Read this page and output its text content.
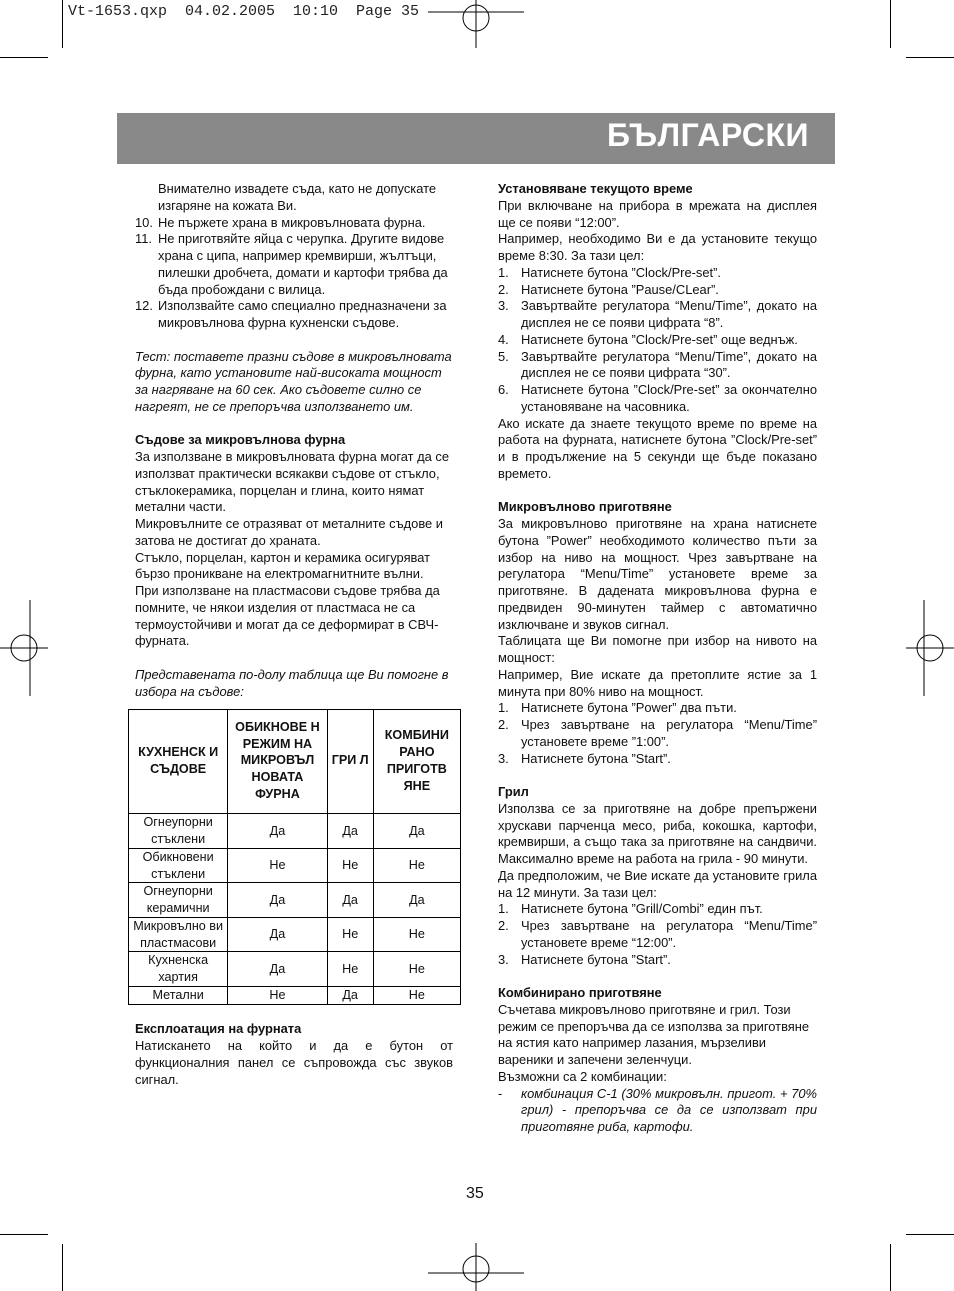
Vt-1653.qxp  04.02.2005  10:10  Page 35
БЪЛГАРСКИ

Внимателно извадете съда, като не допускате
изгаряне на кожата Ви.

10. Не пържете храна в микровълновата фурна.
11. Не приготвяйте яйца с черупка. Другите видове храна с ципа, например кремвирши, жълтъци, пилешки дробчета, домати и картофи трябва да бъда пробождани с вилица.
12. Използвайте само специално предназначени за микровълнова фурна кухненски съдове.

Тест: поставете празни съдове в микровълновата фурна, като установите най-високата мощност за нагряване на 60 сек. Ако съдовете силно се нагреят, не се препоръчва използването им.

Съдове за микровълнова фурна

За използване в микровълновата фурна могат да се използват практически всякакви съдове от стъкло, стъклокерамика, порцелан и глина, които нямат метални части.

Микровълните се отразяват от металните съдове и затова не достигат до храната.

Стъкло, порцелан, картон и керамика осигуряват бързо проникване на електромагнитните вълни.

При използване на пластмасови съдове трябва да помните, че някои изделия от пластмаса не са термоустойчиви и могат да се деформират в СВЧ-фурната.

Представената по-долу таблица ще Ви помогне в избора на съдове:

КУХНЕНСК И СЪДОВЕ	ОБИКНОВЕ Н РЕЖИМ НА МИКРОВЪЛ НОВАТА ФУРНА	ГРИ Л	КОМБИНИ РАНО ПРИГОТВ ЯНЕ
Огнеупорни стъклени	Да	Да	Да
Обикновени стъклени	Не	Не	Не
Огнеупорни керамични	Да	Да	Да
Микровълно ви пластмасови	Да	Не	Не
Кухненска хартия	Да	Не	Не
Метални	Не	Да	Не

Експлоатация на фурната

Натискането на който и да е бутон от функционалния панел се съпровожда със звуков сигнал.

Установяване текущото време

При включване на прибора в мрежата на дисплея ще се появи “12:00”.

Например, необходимо Ви е да установите текущо време 8:30. За тази цел:

1. Натиснете бутона ”Clock/Pre-set”.
2. Натиснете бутона ”Pause/CLear”.
3. Завъртвайте регулатора “Menu/Time”, докато на дисплея не се появи цифрата “8”.
4. Натиснете бутона ”Clock/Pre-set” още веднъж.
5. Завъртвайте регулатора “Menu/Time”, докато на дисплея не се появи цифрата “30”.
6. Натиснете бутона ”Clock/Pre-set” за окончателно установяване на часовника.

Ако искате да знаете текущото време по време на работа на фурната, натиснете бутона ”Clock/Pre-set” и в продължение на 5 секунди ще бъде показано времето.

Микровълново приготвяне

За микровълново приготвяне на храна натиснете бутона ”Power” необходимото количество пъти за избор на ниво на мощност. Чрез завъртване на регулатора “Menu/Time” установете време за приготвяне. В дадената микровълнова фурна е предвиден 90-минутен таймер с автоматично изключване и звуков сигнал.

Таблицата ще Ви помогне при избор на нивото на мощност:

Например, Вие искате да претоплите ястие за 1 минута при 80% ниво на мощност.

1. Натиснете бутона ”Power” два пъти.
2. Чрез завъртване на регулатора “Menu/Time” установете време ”1:00”.
3. Натиснете бутона ”Start”.

Грил

Използва се за приготвяне на добре препържени хрускави парченца месо, риба, кокошка, картофи, кремвирши, а също така за приготвяне на сандвичи. Максимално време на работа на грила - 90 минути.

Да предположим, че Вие искате да установите грила на 12 минути. За тази цел:

1. Натиснете бутона ”Grill/Combi” един път.
2. Чрез завъртване на регулатора “Menu/Time” установете време “12:00”.
3. Натиснете бутона ”Start”.

Комбинирано приготвяне

Съчетава микровълново приготвяне и грил. Този режим се препоръчва да се използва за приготвяне на ястия като например лазания, мързеливи вареники и запечени зеленчуци.

Възможни са 2 комбинации:

- комбинация C-1 (30% микровълн. пригот. + 70% грил) - препоръчва се да се използват при приготвяне риба, картофи.
35
